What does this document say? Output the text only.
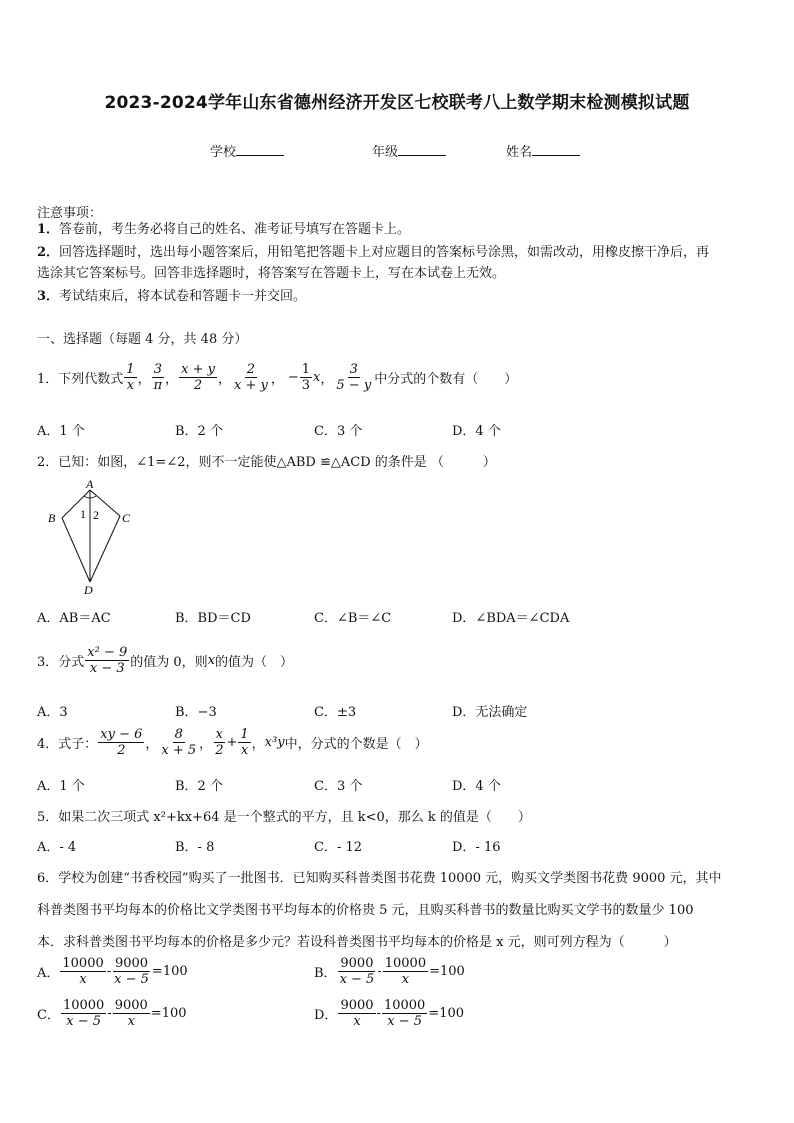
2023-2024学年山东省德州经济开发区七校联考八上数学期末检测模拟试题
学校	年级	姓名
注意事项：
1．答卷前，考生务必将自己的姓名、准考证号填写在答题卡上。
2．回答选择题时，选出每小题答案后，用铅笔把答题卡上对应题目的答案标号涂黑，如需改动，用橡皮擦干净后，再
选涂其它答案标号。回答非选择题时，将答案写在答题卡上，写在本试卷上无效。
3．考试结束后，将本试卷和答题卡一并交回。
一、选择题（每题 4 分，共 48 分）
1．下列代数式 $\frac{1}{x}$ ， $\frac{3}{\pi}$ ， $\frac{x + y}{2}$ ， $\frac{2}{x + y}$ ， − $\frac{1}{3}$ x ， $\frac{3}{5 - y}$ 中分式的个数有（　　）
A．1 个	B．2 个	C．3 个	D．4 个
2．已知：如图，∠1=∠2，则不一定能使△ABD ≌△ACD 的条件是 （　　　）
A
B	C
D
1 2
A．AB＝AC	B．BD＝CD	C．∠B＝∠C	D．∠BDA＝∠CDA
3．分式 $\frac{\text{x² − 9}}{x - 3}$ 的值为 0，则 x 的值为（　）
A．3	B．−3	C．±3	D．无法确定
4．式子： $\frac{xy - 6}{2}$ ， $\frac{8}{x + 5}$ ， $\frac{x}{2} + \frac{1}{x}$ ， x³y 中，分式的个数是（　）
A．1 个	B．2 个	C．3 个	D．4 个
5．如果二次三项式 x²+kx+64 是一个整式的平方，且 k<0，那么 k 的值是（　　）
A．- 4	B．- 8	C．- 12	D．- 16
6．学校为创建“书香校园”购买了一批图书．已知购买科普类图书花费 10000 元，购买文学类图书花费 9000 元，其中
科普类图书平均每本的价格比文学类图书平均每本的价格贵 5 元，且购买科普书的数量比购买文学书的数量少 100
本．求科普类图书平均每本的价格是多少元？若设科普类图书平均每本的价格是 x 元，则可列方程为（　　　）
A． $\frac{10000}{x} - \frac{9000}{x - 5} =100$	B． $\frac{9000}{x - 5} - \frac{10000}{x} =100$
C． $\frac{10000}{x - 5} - \frac{9000}{x} =100$	D． $\frac{9000}{x} - \frac{10000}{x - 5} =100$
